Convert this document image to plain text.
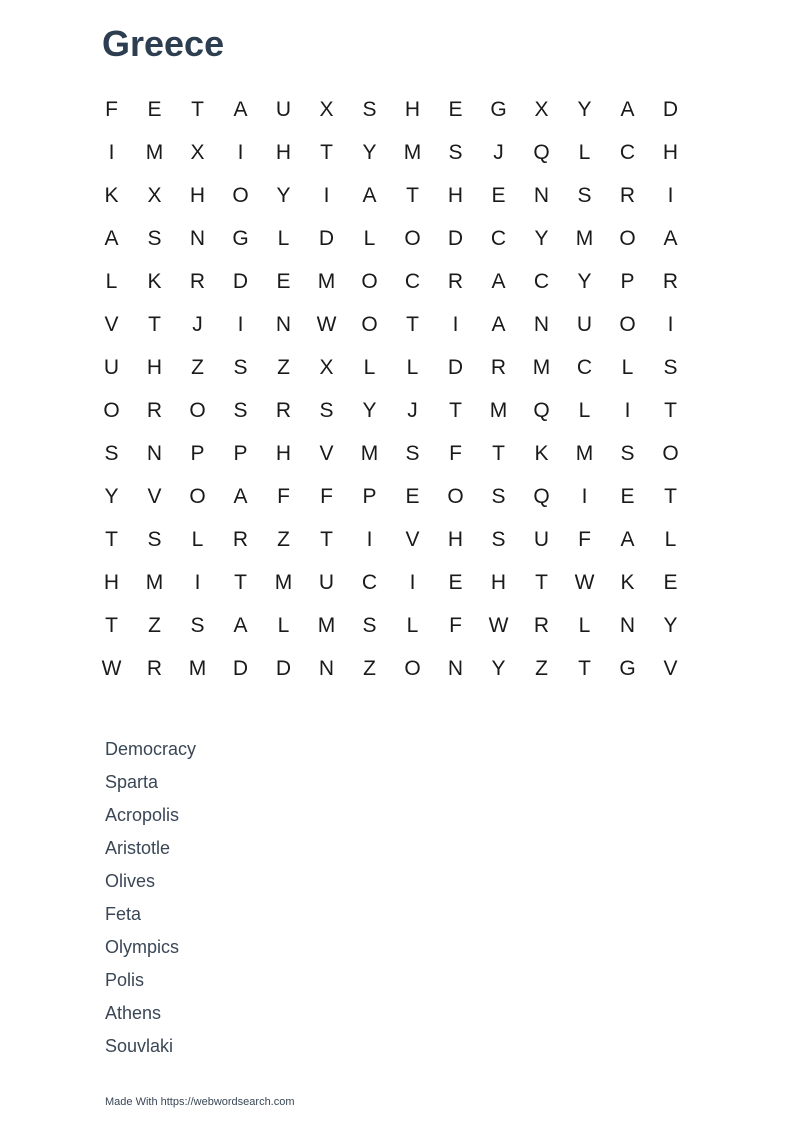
Greece
F	E	T	A	U	X	S	H	E	G	X	Y	A	D
I	M	X	I	H	T	Y	M	S	J	Q	L	C	H
K	X	H	O	Y	I	A	T	H	E	N	S	R	I
A	S	N	G	L	D	L	O	D	C	Y	M	O	A
L	K	R	D	E	M	O	C	R	A	C	Y	P	R
V	T	J	I	N	W	O	T	I	A	N	U	O	I
U	H	Z	S	Z	X	L	L	D	R	M	C	L	S
O	R	O	S	R	S	Y	J	T	M	Q	L	I	T
S	N	P	P	H	V	M	S	F	T	K	M	S	O
Y	V	O	A	F	F	P	E	O	S	Q	I	E	T
T	S	L	R	Z	T	I	V	H	S	U	F	A	L
H	M	I	T	M	U	C	I	E	H	T	W	K	E
T	Z	S	A	L	M	S	L	F	W	R	L	N	Y
W	R	M	D	D	N	Z	O	N	Y	Z	T	G	V
Democracy
Sparta
Acropolis
Aristotle
Olives
Feta
Olympics
Polis
Athens
Souvlaki
Made With https://webwordsearch.com
